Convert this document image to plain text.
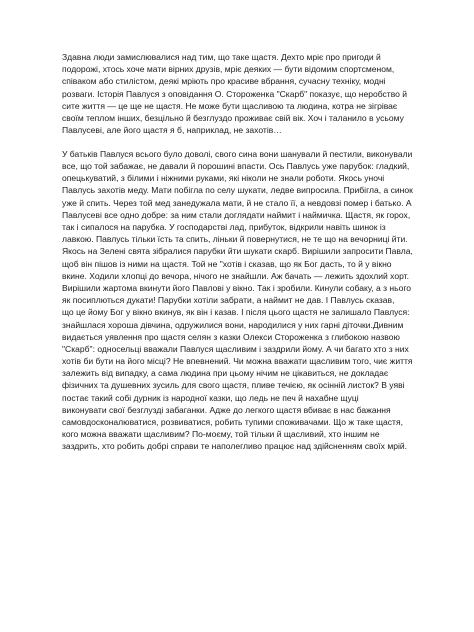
Здавна люди замислювалися над тим, що таке щастя. Дехто мріє про пригоди й
подорожі, хтось хоче мати вірних друзів, мріє деяких — бути відомим спортсменом,
співаком або стилістом, деякі мріють про красиве вбрання, сучасну техніку, модні
розваги. Історія Павлуся з оповідання О. Стороженка "Скарб" показує, що неробство й
сите життя — це ще не щастя. Не може бути щасливою та людина, котра не зігріває
своїм теплом інших, безцільно й безглуздо проживає свій вік. Хоч і таланило в усьому
Павлусеві, але його щастя я б, наприклад, не захотів…

У батьків Павлуся всього було доволі, свого сина вони шанували й пестили, виконували
все, що той забажає, не давали й порошині впасти. Ось Павлусь уже парубок: гладкий,
опецькуватий, з білими і ніжними руками, які ніколи не знали роботи. Якось уночі
Павлусь захотів меду. Мати побігла по селу шукати, ледве випросила. Прибігла, а синок
уже й спить. Через той мед занедужала мати, й не стало її, а невдовзі помер і батько. А
Павлусеві все одно добре: за ним стали доглядати наймит і наймичка. Щастя, як горох,
так і сипалося на парубка. У господарстві лад, прибуток, відкрили навіть шинок із
лавкою. Павлусь тільки їсть та спить, ліньки й повернутися, не те що на вечорниці йти.
Якось на Зелені свята зібралися парубки йти шукати скарб. Вирішили запросити Павла,
щоб він пішов із ними на щастя. Той не "хотів і сказав, що як Бог дасть, то й у вікно
вкине. Ходили хлопці до вечора, нічого не знайшли. Аж бачать — лежить здохлий хорт.
Вирішили жартома вкинути його Павлові у вікно. Так і зробили. Кинули собаку, а з нього
як посиплються дукати! Парубки хотіли забрати, а наймит не дав. І Павлусь сказав,
що це йому Бог у вікно вкинув, як він і казав. І після цього щастя не залишало Павлуся:
знайшлася хороша дівчина, одружилися вони, народилися у них гарні діточки.Дивним
видається уявлення про щастя селян з казки Олекси Стороженка з глибокою назвою
"Скарб": односельці вважали Павлуся щасливим і заздрили йому. А чи багато хто з них
хотів би бути на його місці? Не впевнений. Чи можна вважати щасливим того, чиє життя
залежить від випадку, а сама людина при цьому нічим не цікавиться, не докладає
фізичних та душевних зусиль для свого щастя, пливе течією, як осінній листок? В уяві
постає такий собі дурник із народної казки, що ледь не печ й нахабне щуці
виконувати свої безглузді забаганки. Адже до легкого щастя вбиває в нас бажання
самовдосконалюватися, розвиватися, робить тупими споживачами. Що ж таке щастя,
кого можна вважати щасливим? По-моєму, той тільки й щасливий, хто іншим не
заздрить, хто робить добрі справи те наполегливо працює над здійсненням своїх мрій.
